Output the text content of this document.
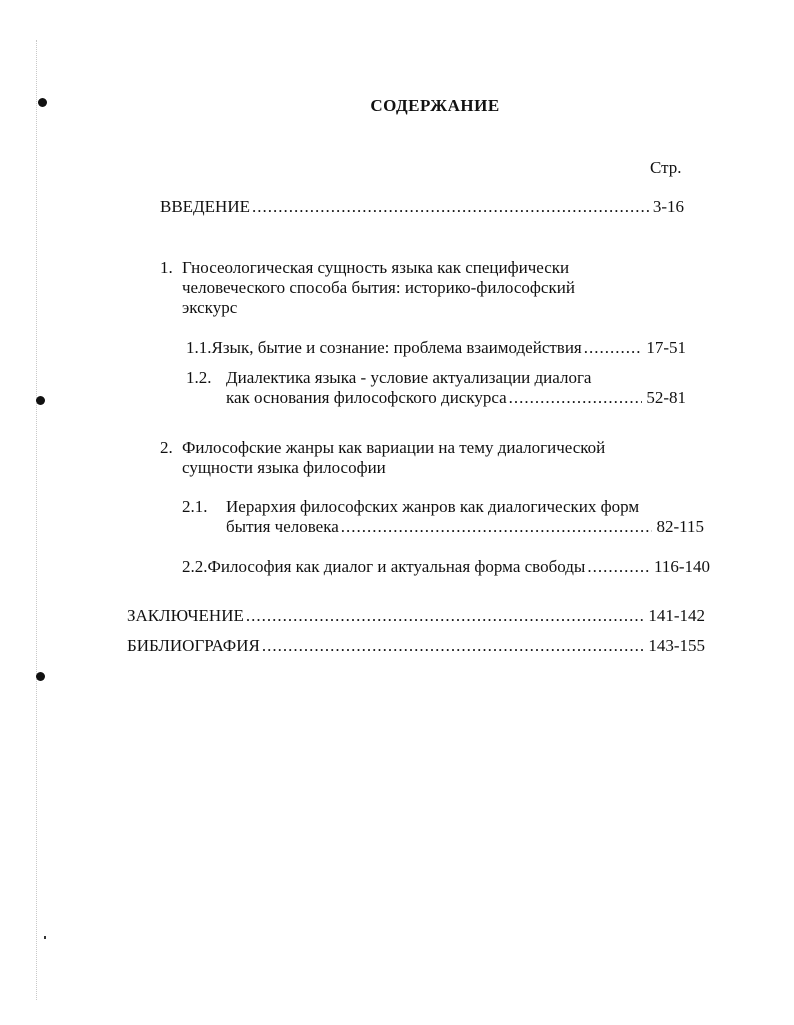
СОДЕРЖАНИЕ
Стр.
ВВЕДЕНИЕ .....	3-16
1. Гносеологическая сущность языка как специфически
человеческого способа бытия: историко-философский
экскурс
1.1. Язык, бытие и сознание: проблема взаимодействия .....	17-51
1.2. Диалектика языка - условие актуализации диалога
как основания философского дискурса .....	52-81
2. Философские жанры как вариации на тему диалогической
сущности языка философии
2.1. Иерархия философских жанров как диалогических форм
бытия человека .....	82-115
2.2. Философия как диалог и актуальная форма свободы .....	116-140
ЗАКЛЮЧЕНИЕ .....	141-142
БИБЛИОГРАФИЯ .....	143-155
